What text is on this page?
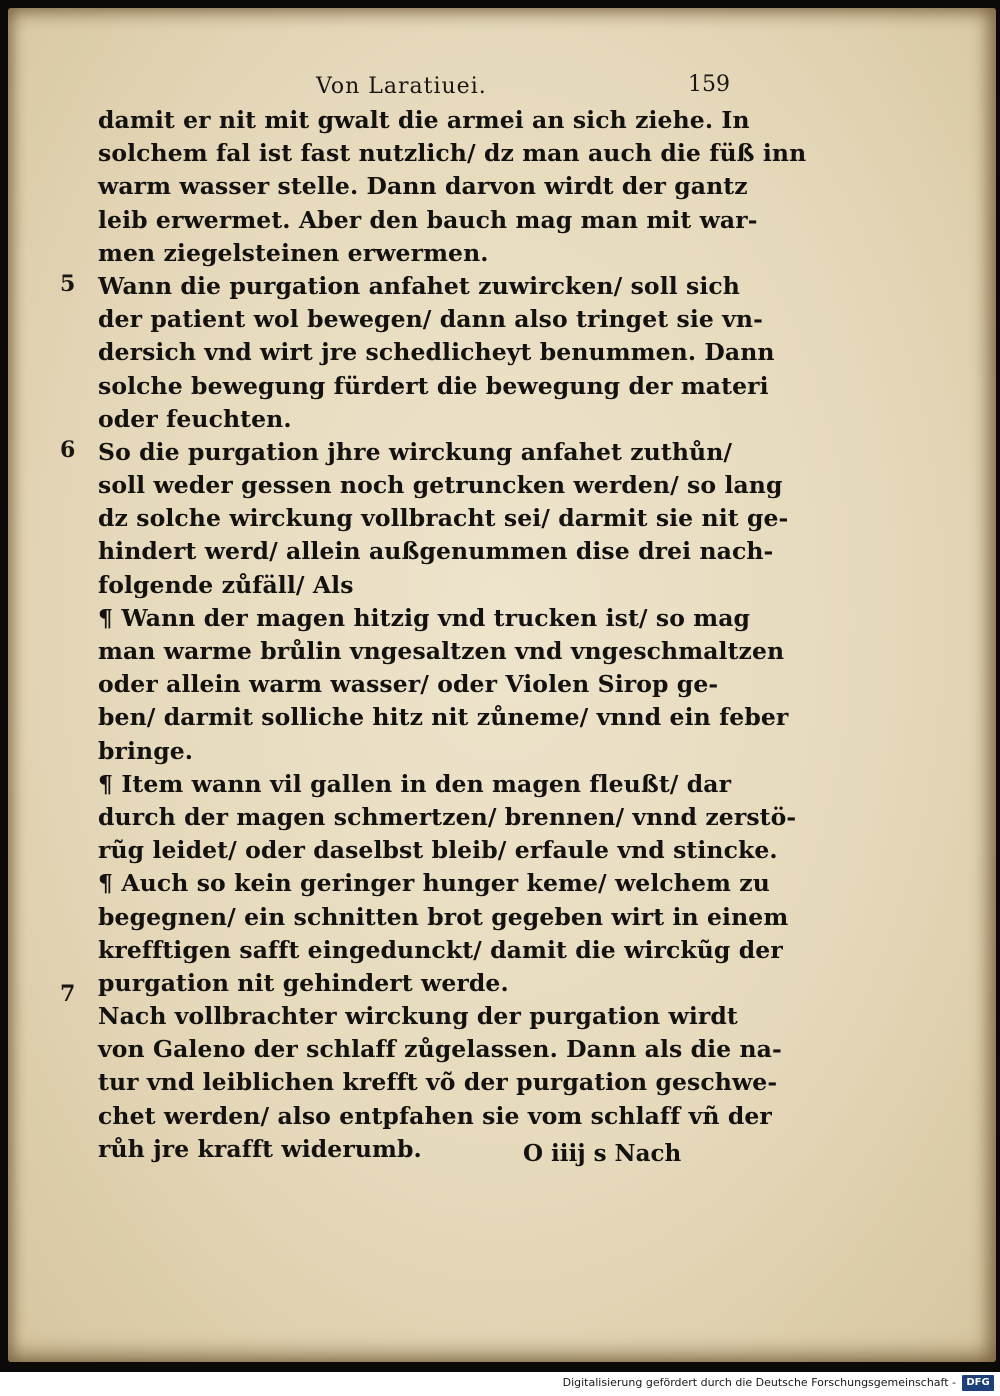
Von Laratiuei.	159
5
6
7
damit er nit mit gwalt die armei an sich ziehe. In
solchem fal ist fast nutzlich/ dz man auch die füß inn
warm wasser stelle. Dann darvon wirdt der gantz
leib erwermet. Aber den bauch mag man mit war-
men ziegelsteinen erwermen.
Wann die purgation anfahet zuwircken/ soll sich
der patient wol bewegen/ dann also tringet sie vn-
dersich vnd wirt jre schedlicheyt benummen. Dann
solche bewegung fürdert die bewegung der materi
oder feuchten.
So die purgation jhre wirckung anfahet zuthůn/
soll weder gessen noch getruncken werden/ so lang
dz solche wirckung vollbracht sei/ darmit sie nit ge-
hindert werd/ allein außgenummen dise drei nach-
folgende zůfäll/ Als
¶ Wann der magen hitzig vnd trucken ist/ so mag
man warme brůlin vngesaltzen vnd vngeschmaltzen
oder allein warm wasser/ oder Violen Sirop ge-
ben/ darmit solliche hitz nit zůneme/ vnnd ein feber
bringe.
¶ Item wann vil gallen in den magen fleußt/ dar
durch der magen schmertzen/ brennen/ vnnd zerstö-
rũg leidet/ oder daselbst bleib/ erfaule vnd stincke.
¶ Auch so kein geringer hunger keme/ welchem zu
begegnen/ ein schnitten brot gegeben wirt in einem
krefftigen safft eingedunckt/ damit die wirckũg der
purgation nit gehindert werde.
Nach vollbrachter wirckung der purgation wirdt
von Galeno der schlaff zůgelassen. Dann als die na-
tur vnd leiblichen krefft võ der purgation geschwe-
chet werden/ also entpfahen sie vom schlaff vñ der
růh jre krafft widerumb.	O iiij s Nach
Digitalisierung gefördert durch die Deutsche Forschungsgemeinschaft -	DFG
